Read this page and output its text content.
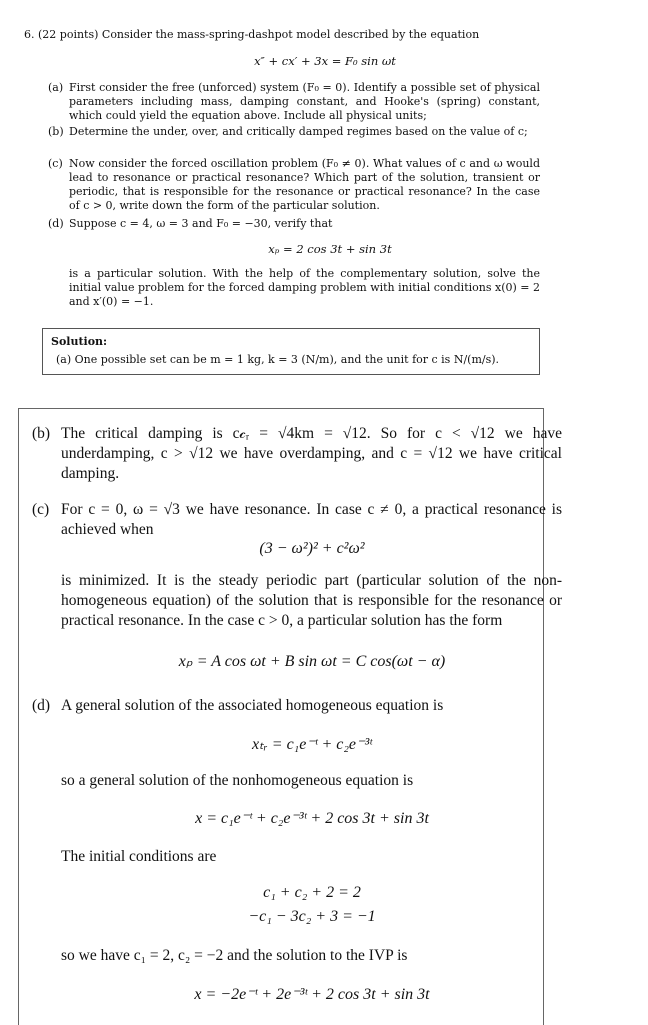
6. (22 points) Consider the mass-spring-dashpot model described by the equation
x″ + cx′ + 3x = F₀ sin ωt
(a) First consider the free (unforced) system (F₀ = 0). Identify a possible set of physical parameters including mass, damping constant, and Hooke's (spring) constant, which could yield the equation above. Include all physical units;
(b) Determine the under, over, and critically damped regimes based on the value of c;
(c) Now consider the forced oscillation problem (F₀ ≠ 0). What values of c and ω would lead to resonance or practical resonance? Which part of the solution, transient or periodic, that is responsible for the resonance or practical resonance? In the case of c > 0, write down the form of the particular solution.
(d) Suppose c = 4, ω = 3 and F₀ = −30, verify that
xₚ = 2 cos 3t + sin 3t
is a particular solution. With the help of the complementary solution, solve the initial value problem for the forced damping problem with initial conditions x(0) = 2 and x′(0) = −1.
Solution:
(a) One possible set can be m = 1 kg, k = 3 (N/m), and the unit for c is N/(m/s).
(b) The critical damping is c𝒸ᵣ = √4km = √12. So for c < √12 we have underdamping, c > √12 we have overdamping, and c = √12 we have critical damping.
(c) For c = 0, ω = √3 we have resonance. In case c ≠ 0, a practical resonance is achieved when
(3 − ω²)² + c²ω²
is minimized. It is the steady periodic part (particular solution of the non-homogeneous equation) of the solution that is responsible for the resonance or practical resonance. In the case c > 0, a particular solution has the form
xₚ = A cos ωt + B sin ωt = C cos(ωt − α)
(d) A general solution of the associated homogeneous equation is
xₜᵣ = c₁e⁻ᵗ + c₂e⁻³ᵗ
so a general solution of the nonhomogeneous equation is
x = c₁e⁻ᵗ + c₂e⁻³ᵗ + 2 cos 3t + sin 3t
The initial conditions are
c₁ + c₂ + 2 = 2
−c₁ − 3c₂ + 3 = −1
so we have c₁ = 2, c₂ = −2 and the solution to the IVP is
x = −2e⁻ᵗ + 2e⁻³ᵗ + 2 cos 3t + sin 3t
